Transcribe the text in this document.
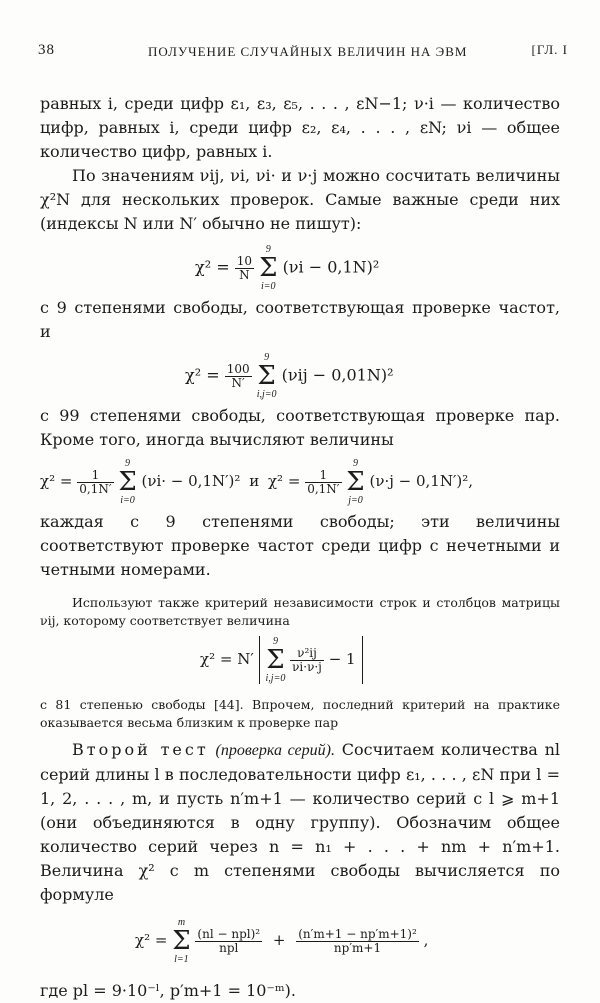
38	ПОЛУЧЕНИЕ СЛУЧАЙНЫХ ВЕЛИЧИН НА ЭВМ	[ГЛ. I

равных i, среди цифр ε₁, ε₃, ε₅, . . . , εN−1; ν·i — количество цифр, равных i, среди цифр ε₂, ε₄, . . . , εN; νi — общее количество цифр, равных i.

По значениям νij, νi, νi· и ν·j можно сосчитать величины χ²N для нескольких проверок. Самые важные среди них (индексы N или N′ обычно не пишут):

$\chi^2 = \frac{10}{N}$

9
Σ
i=0
(νi − 0,1N)²

с 9 степенями свободы, соответствующая проверке частот, и

$\chi^2 = \frac{100}{N'}$

9
Σ
i,j=0
(νij − 0,01N)²

с 99 степенями свободы, соответствующая проверке пар. Кроме того, иногда вычисляют величины

$\chi^2 = \frac{1}{0,1N'}$

9
Σ
i=0
(νi· − 0,1N′)² и $\chi^2 = \frac{1}{0,1N'}$

9
Σ
j=0
(ν·j − 0,1N′)²,

каждая с 9 степенями свободы; эти величины соответствуют проверке частот среди цифр с нечетными и четными номерами.

Используют также критерий независимости строк и столбцов матрицы νij, которому соответствует величина

χ² = N′
9
Σ
i,j=0

$\frac{\text{ν²ij}}{\nu i\cdot\nu\cdot j} - 1$

с 81 степенью свободы [44]. Впрочем, последний критерий на практике оказывается весьма близким к проверке пар

Второй тест (проверка серий). Сосчитаем количества nl серий длины l в последовательности цифр ε₁, . . . , εN при l = 1, 2, . . . , m, и пусть n′m+1 — количество серий с l ⩾ m+1 (они объединяются в одну группу). Обозначим общее количество серий через n = n₁ + . . . + nm + n′m+1. Величина χ² с m степенями свободы вычисляется по формуле

χ² =
m
Σ
l=1

$\frac{\text{(nl − npl)²}}{\text{npl}} + \frac{\text{(n′m+1 − np′m+1)²}}{np'm+1}$ ,

где pl = 9·10⁻ˡ, p′m+1 = 10⁻ᵐ).
